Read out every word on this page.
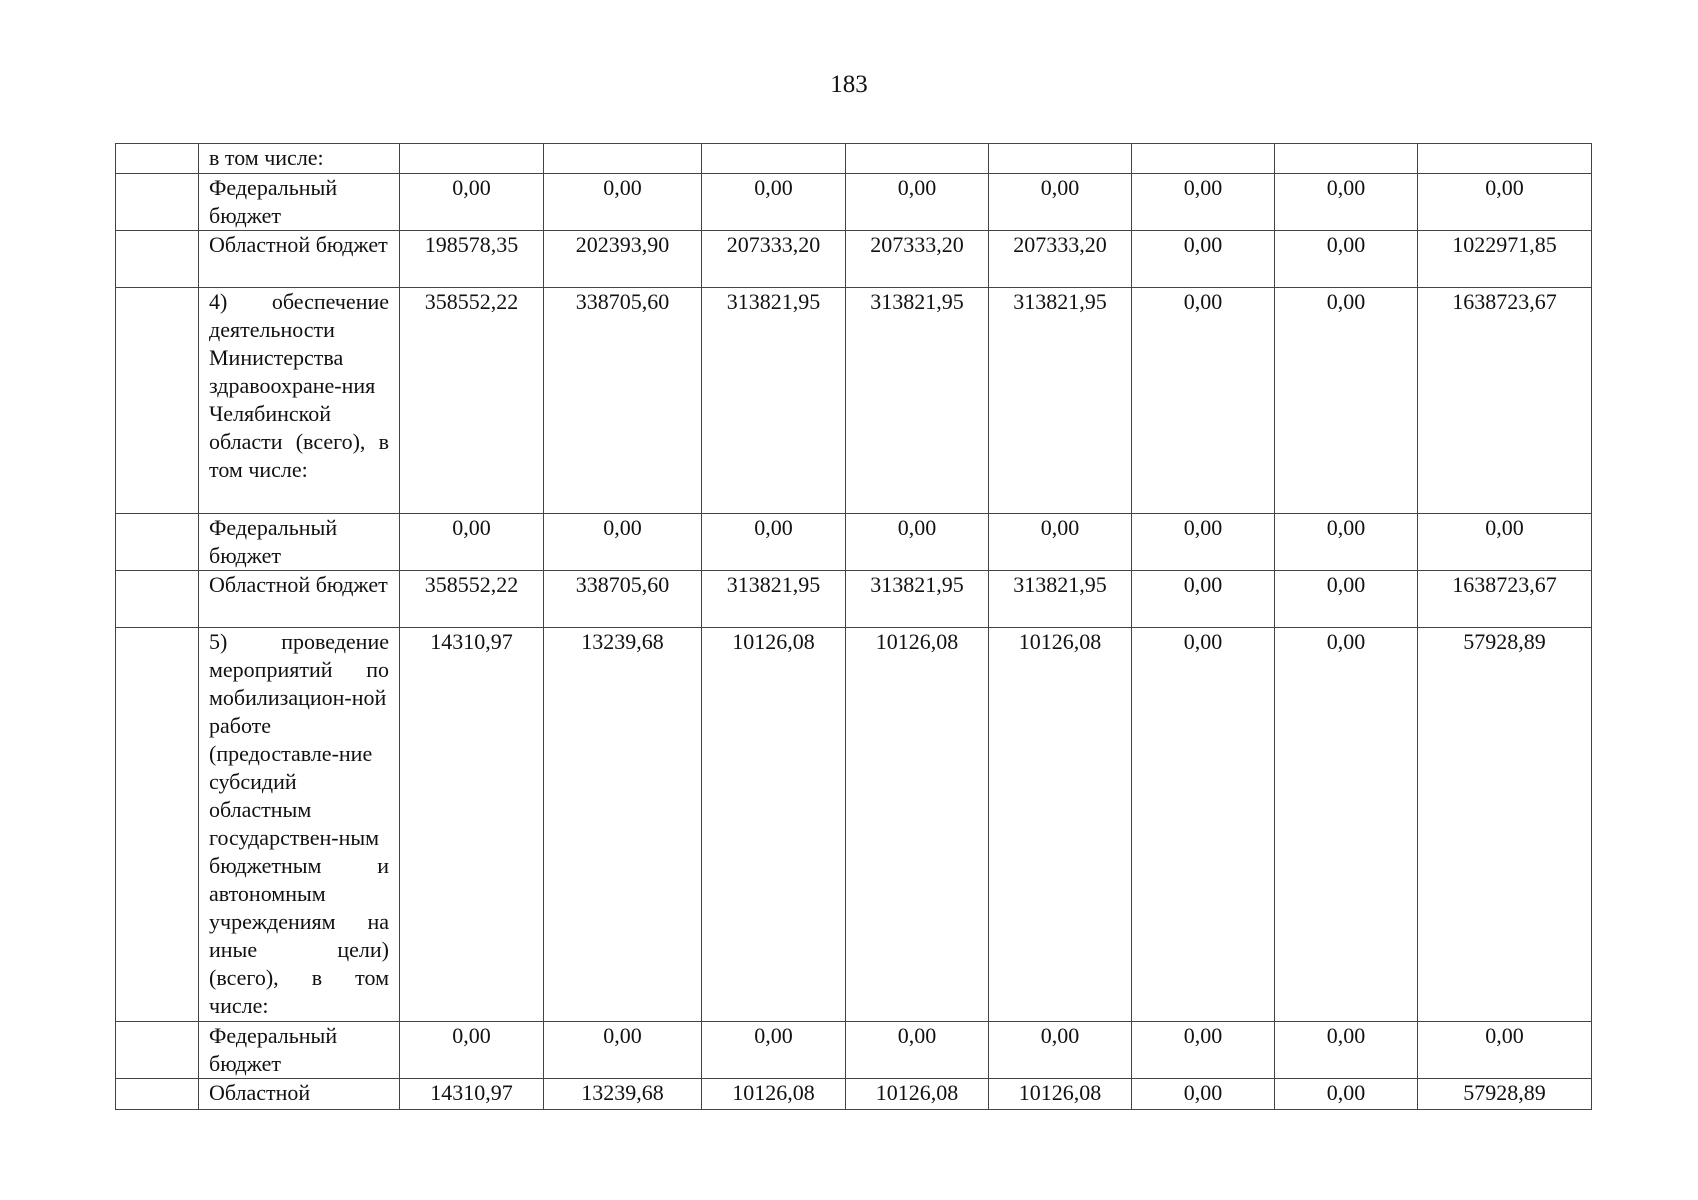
183
	в том числе:								
	Федеральный бюджет	0,00	0,00	0,00	0,00	0,00	0,00	0,00	0,00
	Областной бюджет	198578,35	202393,90	207333,20	207333,20	207333,20	0,00	0,00	1022971,85
	4) обеспечение деятельности Министерства здравоохране-ния Челябинской области (всего), в том числе:	358552,22	338705,60	313821,95	313821,95	313821,95	0,00	0,00	1638723,67
	Федеральный бюджет	0,00	0,00	0,00	0,00	0,00	0,00	0,00	0,00
	Областной бюджет	358552,22	338705,60	313821,95	313821,95	313821,95	0,00	0,00	1638723,67
	5) проведение мероприятий по мобилизацион-ной работе (предоставле-ние субсидий областным государствен-ным бюджетным и автономным учреждениям на иные цели) (всего), в том числе:	14310,97	13239,68	10126,08	10126,08	10126,08	0,00	0,00	57928,89
	Федеральный бюджет	0,00	0,00	0,00	0,00	0,00	0,00	0,00	0,00
	Областной	14310,97	13239,68	10126,08	10126,08	10126,08	0,00	0,00	57928,89
